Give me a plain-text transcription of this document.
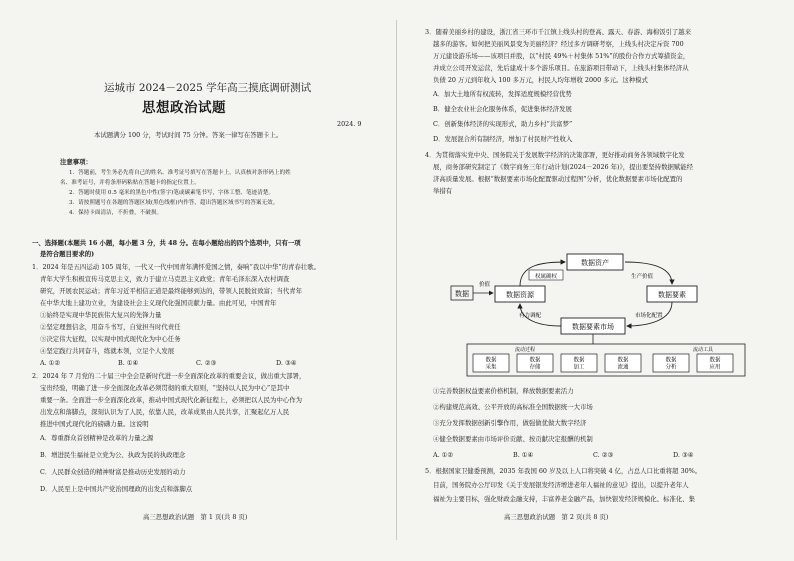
运城市 2024－2025 学年高三摸底调研测试
思想政治试题
2024. 9
本试题满分 100 分，考试时间 75 分钟。答案一律写在答题卡上。
注意事项：
1．答题前，考生务必先将自己的姓名、准考证号填写在答题卡上，认真核对条形码上的姓
名、准考证号，并将条形码粘贴在答题卡的指定位置上。
2．答题时使用 0.5 毫米的黑色中性(签字)笔或碳素笔书写，字体工整、笔迹清楚。
3．请按照题号在各题的答题区域(黑色线框)内作答，超出答题区域书写的答案无效。
4．保持卡面清洁，不折叠，不破损。
一、选择题(本题共 16 小题，每小题 3 分，共 48 分。在每小题给出的四个选项中，只有一项
是符合题目要求的)
1．2024 年是五四运动 105 周年，一代又一代中国青年满怀爱国之情，奏响“我以中华”的青春壮歌。
青年大学生积极宣传马克思主义，致力于建立马克思主义政党；青年毛泽东深入农村调查
研究，开展农民运动；青年习近平相信正道是最终能够到达的，带领人民脱贫致富；当代青年
在中华大地上建功立业，为建设社会主义现代化强国贡献力量。由此可见，中国青年
①始终是实现中华民族伟大复兴的先锋力量
②坚定理想信念，用奋斗书写，自觉担当时代责任
③决定伟大征程，以实现中国式现代化为中心任务
④坚定践行共同奋斗，练就本领，立足个人发展
A. ①②	B. ①④	C. ②③	D. ③④
2．2024 年 7 月党的二十届三中全会是新时代进一步全面深化改革的重要会议，做出重大部署，
宝贵经验，明确了进一步全面深化改革必须贯彻的重大原则，“坚持以人民为中心”是其中
重要一条。全面进一步全面深化改革，推动中国式现代化新征程上，必须把以人民为中心作为
出发点和落脚点，深刻认识为了人民，依靠人民，改革成果由人民共享，汇聚起亿万人民
推进中国式现代化的磅礴力量。这说明
A．尊重群众首创精神是改革的力量之源
B．增进民生福祉是立党为公、执政为民的执政理念
C．人民群众创造的精神财富是推动历史发展的动力
D．人民至上是中国共产党治国理政的出发点和落脚点
高三思想政治试题　第 1 页(共 8 页)
3．随着美丽乡村的建设，浙江省三环市千江镇上线头村的登高、露天、春游、海棉饭引了越来
越多的游客。如何把美丽风景变为美丽经济？经过多方调研考察，上线头村决定斥资 700
万元建设游乐场——该项目并股，以“村民 49%＋村集体 51%”的股份合作方式筹措资金，
并成立公司开发运营，先后建成十多个游乐项目。在旅游项目带动下，上线头村集体经济从
负债 20 万元到年收入 100 多万元，村民人均年增收 2000 多元。这种模式
A．加大土地所有权流转，发挥适度规模经营优势
B．健全农业社会化服务体系，促进集体经济发展
C．创新集体经济的实现形式，助力乡村“共富梦”
D．发展混合所有制经济，增加了村民财产性收入
4．为贯彻落实党中央、国务院关于发展数字经济的决策部署，更好推动商务各领域数字化发
展，商务部研究制定了《数字商务三年行动计划(2024－2026 年)》，提出要坚持数据赋能经
济高质量发展。根据“数据要素市场化配置驱动过程图”分析，优化数据要素市场化配置的
举措有
数据
价值
数据资产
数据资源	数据要素
数据要素市场
权属确权	生产价值
有力调配	市场化配置
流动过程	流动工具
数据
采集
数据
存储
数据
加工
数据
流通
数据
分析
数据
应用
①完善数据权益要素价格机制，释放数据要素活力
②构建规范高效、公平开放的高标准全国数据统一大市场
③充分发挥数据创新引擎作用，做强做优做大数字经济
④健全数据要素由市场评价贡献、按贡献决定报酬的机制
A. ①②	B. ①④	C. ②③	D. ③④
5．根据国家卫健委预测，2035 年我国 60 岁及以上人口将突破 4 亿，占总人口比重将超 30%。
目前，国务院办公厅印发《关于发展银发经济增进老年人福祉的意见》提出，以提升老年人
福祉为主要目标，强化财政金融支持，丰富养老金融产品，加快银发经济规模化、标准化、集
高三思想政治试题　第 2 页(共 8 页)
